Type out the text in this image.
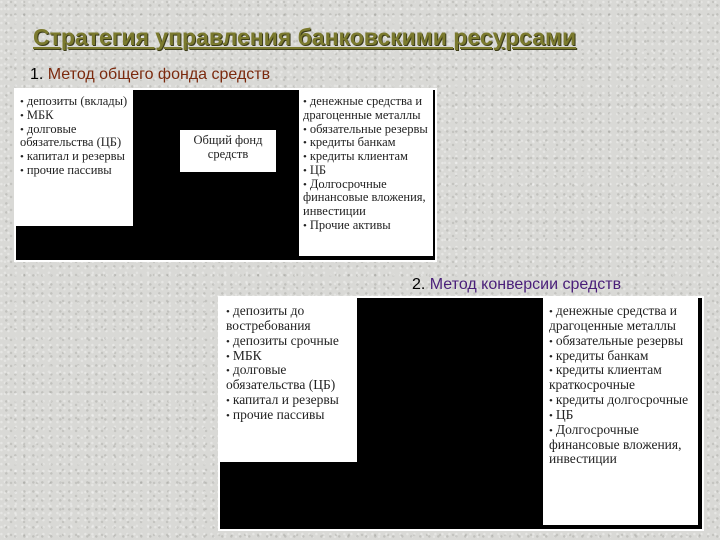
Стратегия управления банковскими ресурсами
1. Метод общего фонда средств
• депозиты (вклады)
• МБК
• долговые обязательства (ЦБ)
• капитал и резервы
• прочие пассивы
Общий фонд средств
• денежные средства и драгоценные металлы
• обязательные резервы
• кредиты банкам
• кредиты клиентам
• ЦБ
• Долгосрочные финансовые вложения, инвестиции
• Прочие активы
2. Метод конверсии средств
• депозиты до востребования
• депозиты срочные
• МБК
• долговые обязательства (ЦБ)
• капитал и резервы
• прочие пассивы
• денежные средства и драгоценные металлы
• обязательные резервы
• кредиты банкам
• кредиты клиентам краткосрочные
• кредиты долгосрочные
• ЦБ
• Долгосрочные финансовые вложения, инвестиции
